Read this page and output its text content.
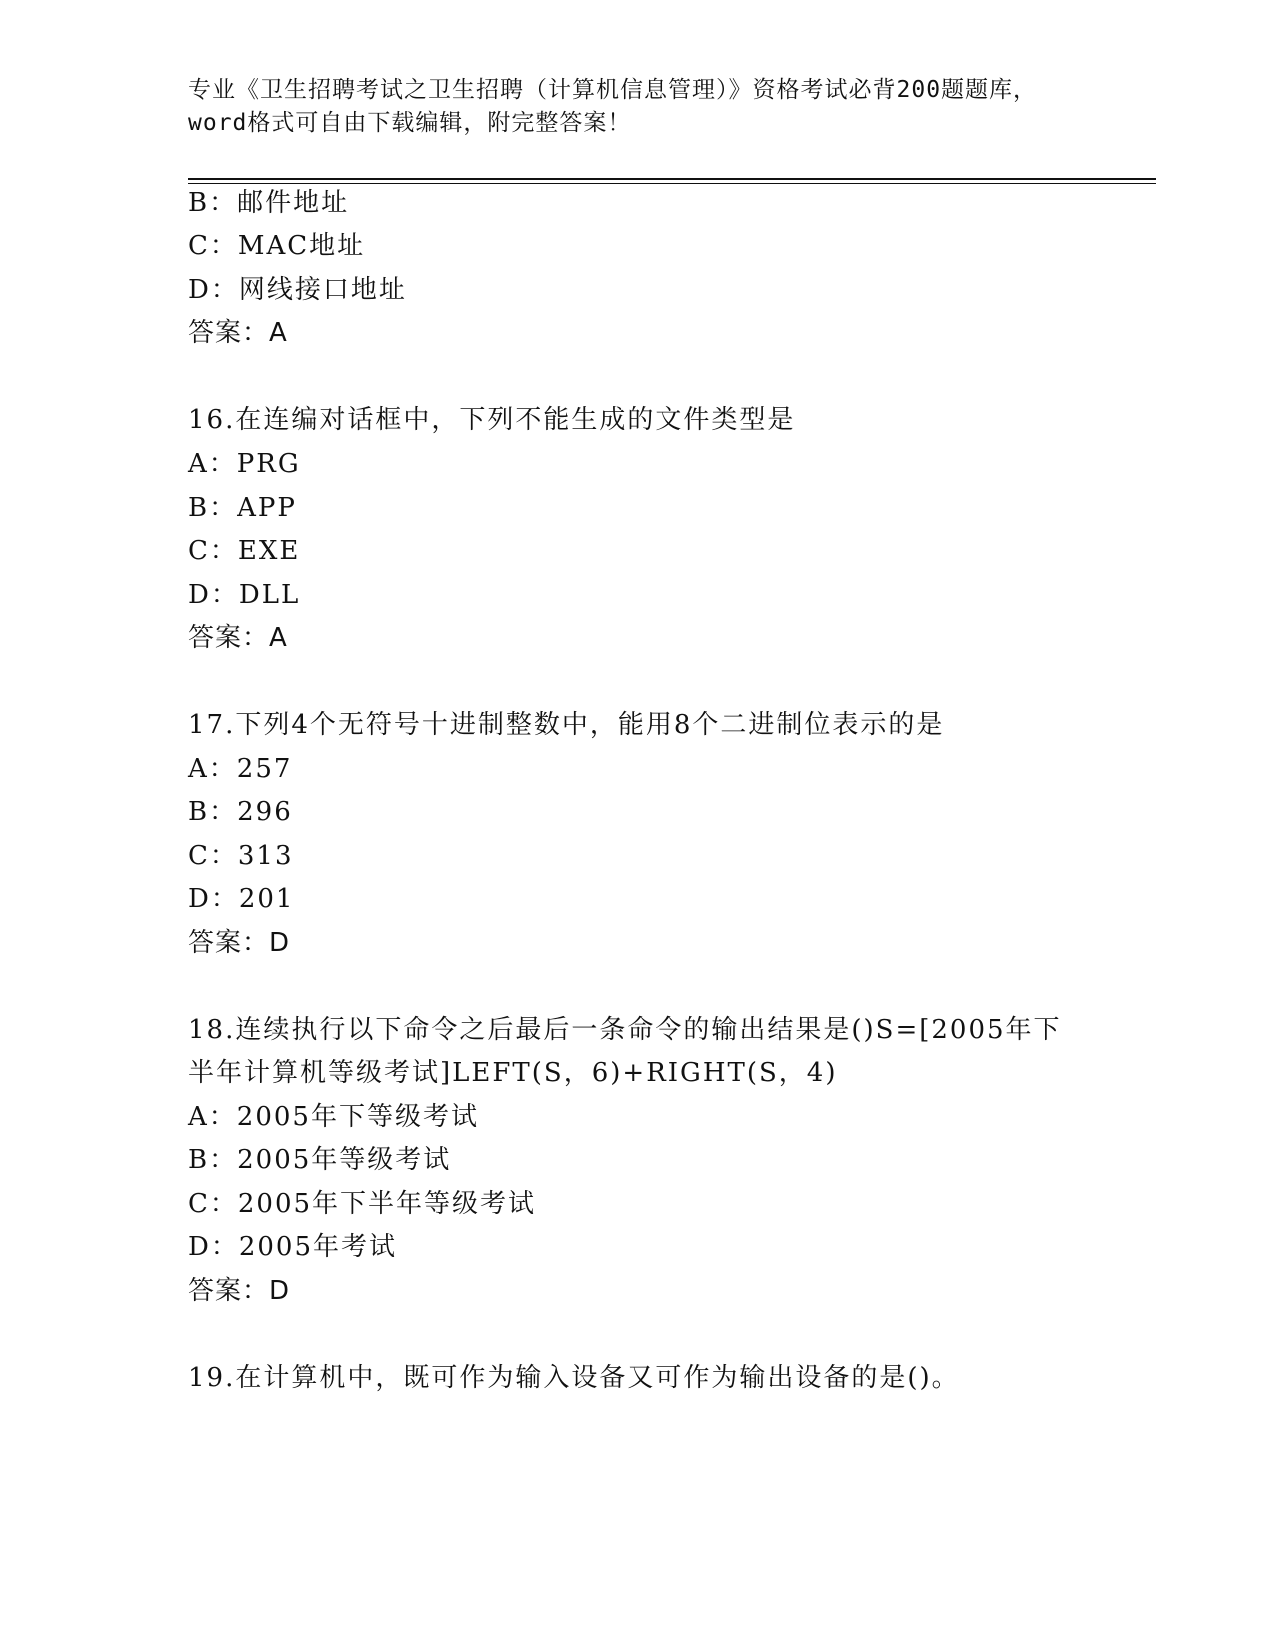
专业《卫生招聘考试之卫生招聘（计算机信息管理）》资格考试必背200题题库，
word格式可自由下载编辑，附完整答案！
B：邮件地址
C：MAC地址
D：网线接口地址
答案：A
16.在连编对话框中，下列不能生成的文件类型是
A：PRG
B：APP
C：EXE
D：DLL
答案：A
17.下列4个无符号十进制整数中，能用8个二进制位表示的是
A：257
B：296
C：313
D：201
答案：D
18.连续执行以下命令之后最后一条命令的输出结果是()S=[2005年下
半年计算机等级考试]LEFT(S，6)+RIGHT(S，4)
A：2005年下等级考试
B：2005年等级考试
C：2005年下半年等级考试
D：2005年考试
答案：D
19.在计算机中，既可作为输入设备又可作为输出设备的是()。
